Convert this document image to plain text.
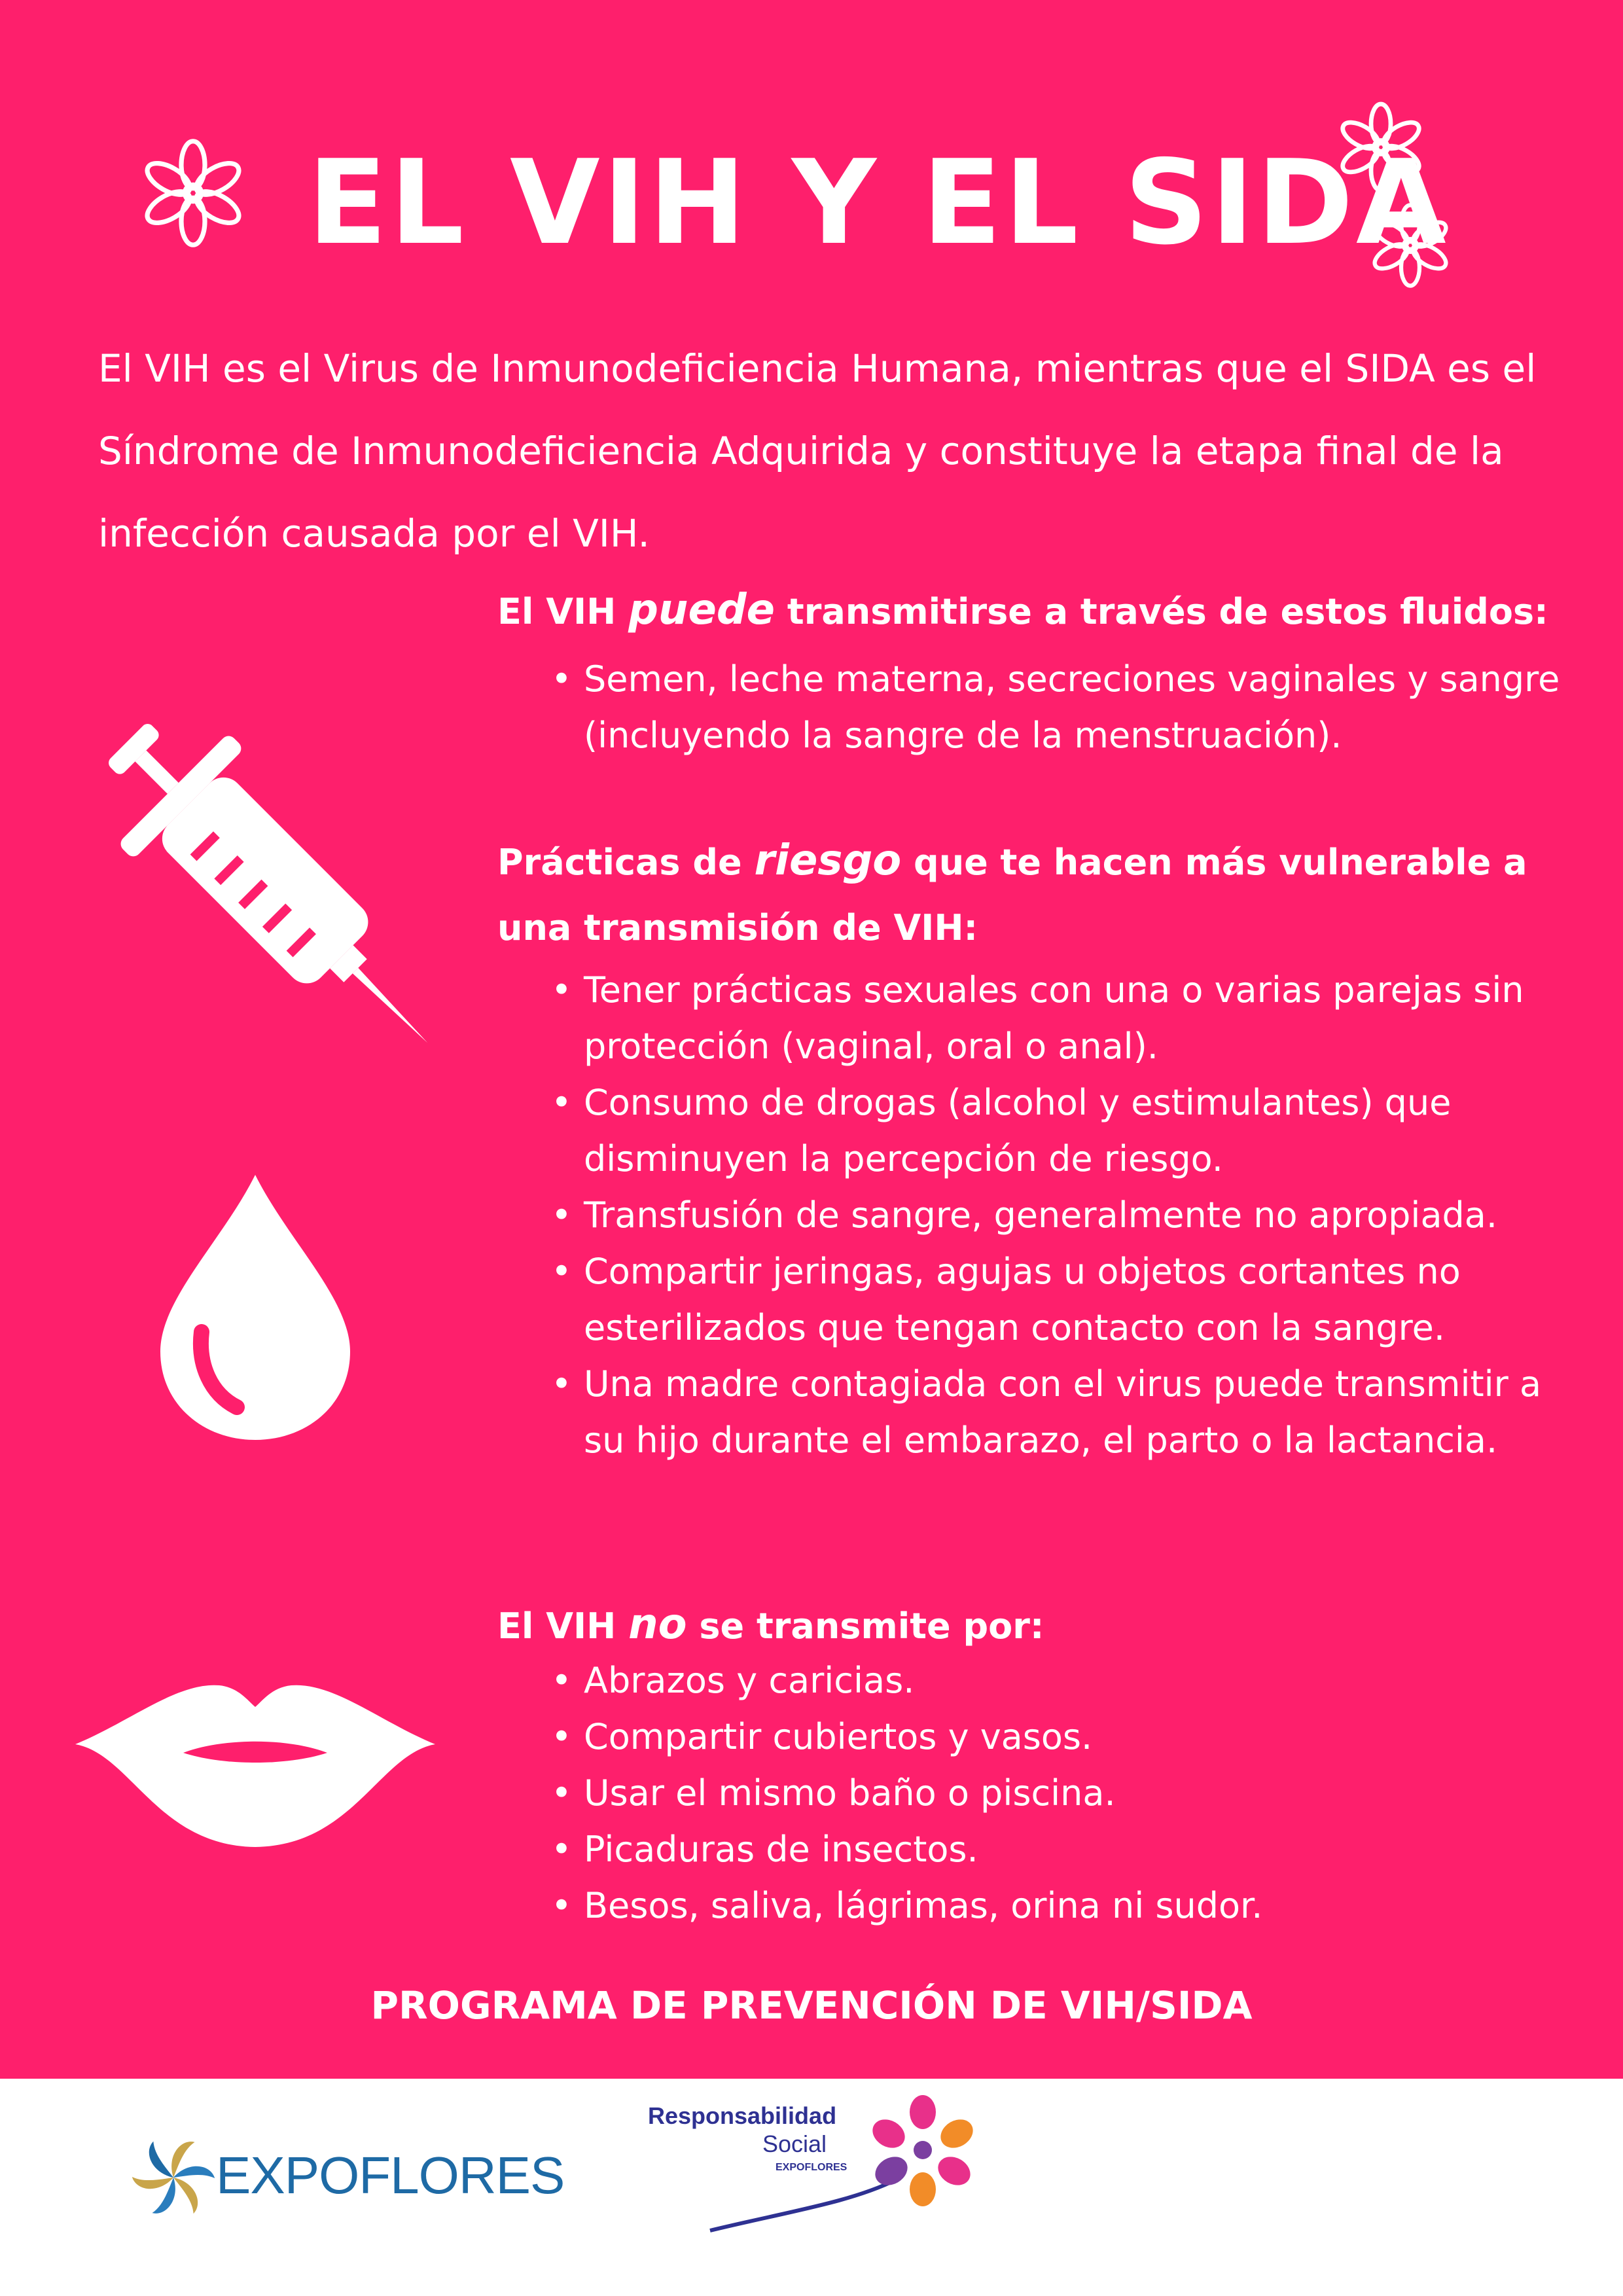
EL VIH Y EL SIDA
El VIH es el Virus de Inmunodeficiencia Humana, mientras que el SIDA es el Síndrome de Inmunodeficiencia Adquirida y constituye la etapa final de la infección causada por el VIH.
El VIH puede transmitirse a través de estos fluidos:
• Semen, leche materna, secreciones vaginales y sangre (incluyendo la sangre de la menstruación).
Prácticas de riesgo que te hacen más vulnerable a
una transmisión de VIH:
• Tener prácticas sexuales con una o varias parejas sin protección (vaginal, oral o anal).
• Consumo de drogas (alcohol y estimulantes) que disminuyen la percepción de riesgo.
• Transfusión de sangre, generalmente no apropiada.
• Compartir jeringas, agujas u objetos cortantes no esterilizados que tengan contacto con la sangre.
• Una madre contagiada con el virus puede transmitir a su hijo durante el embarazo, el parto o la lactancia.
El VIH no se transmite por:
• Abrazos y caricias.
• Compartir cubiertos y vasos.
• Usar el mismo baño o piscina.
• Picaduras de insectos.
• Besos, saliva, lágrimas, orina ni sudor.
PROGRAMA DE PREVENCIÓN DE VIH/SIDA
EXPOFLORES
Responsabilidad
Social
EXPOFLORES
